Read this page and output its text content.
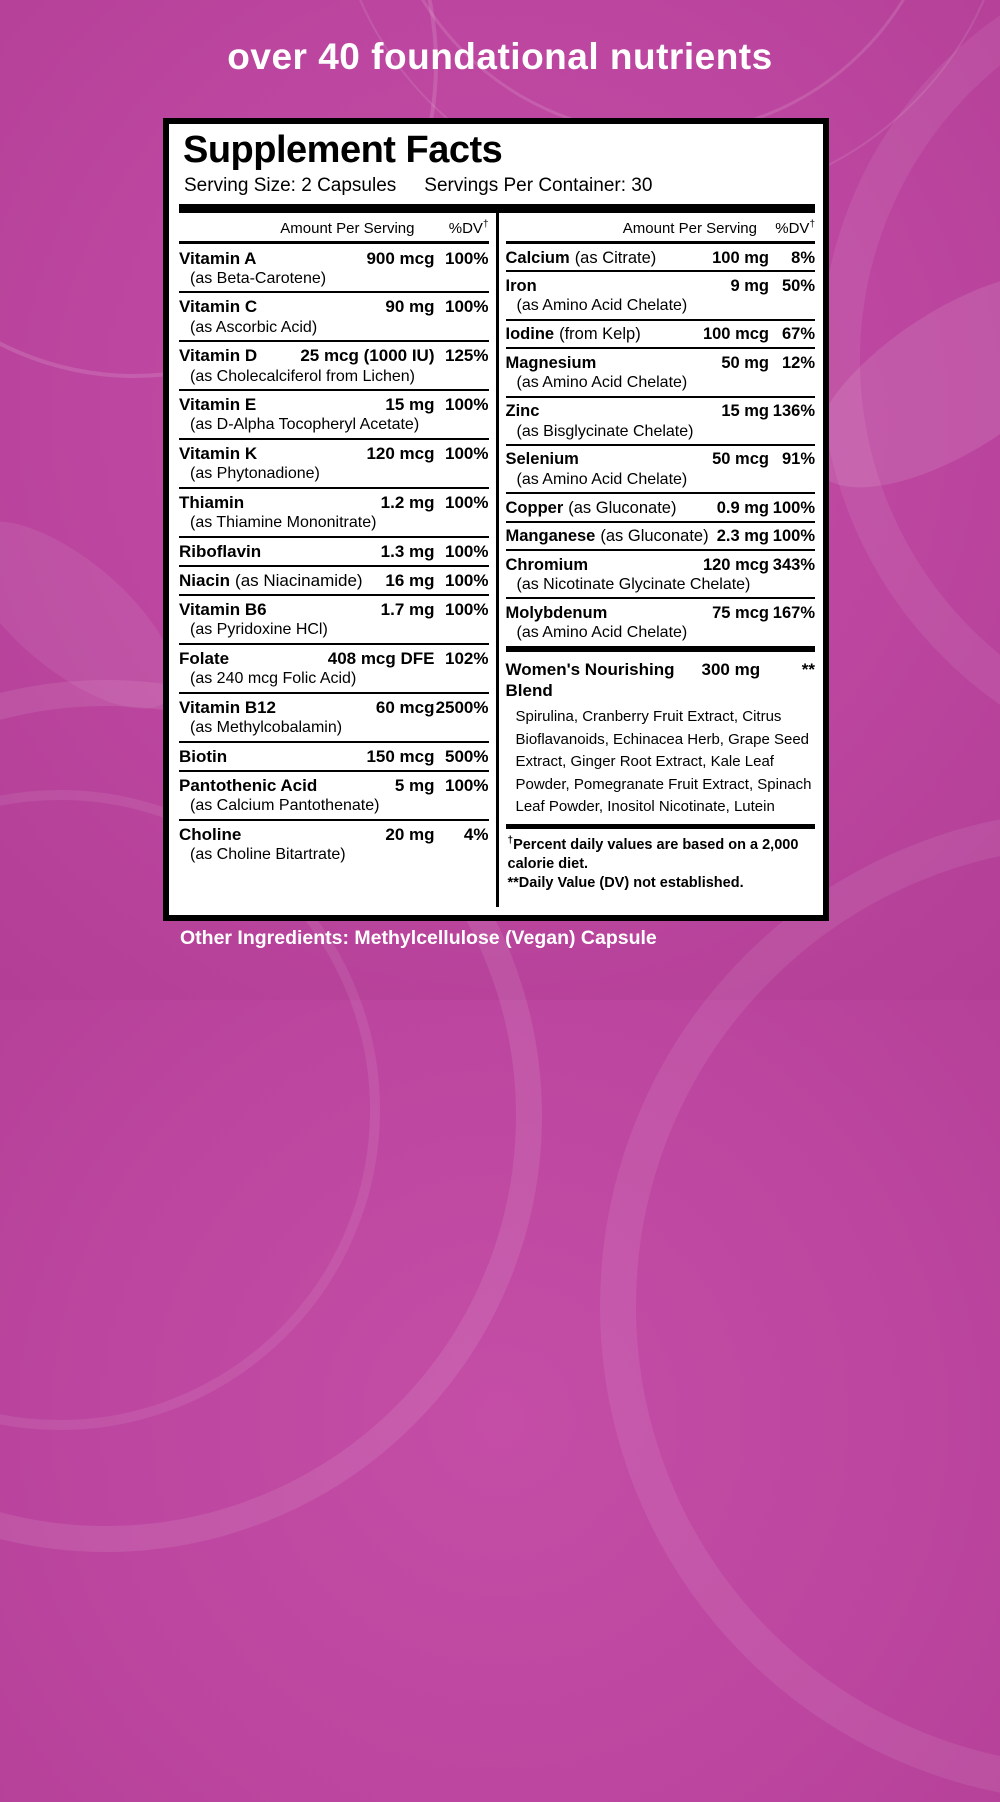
over 40 foundational nutrients
Supplement Facts
Serving Size: 2 Capsules Servings Per Container: 30
Amount Per Serving	%DV†
Vitamin A	900 mcg 100%
(as Beta-Carotene)
Vitamin C	90 mg 100%
(as Ascorbic Acid)
Vitamin D	25 mcg (1000 IU) 125%
(as Cholecalciferol from Lichen)
Vitamin E	15 mg 100%
(as D-Alpha Tocopheryl Acetate)
Vitamin K	120 mcg 100%
(as Phytonadione)
Thiamin	1.2 mg 100%
(as Thiamine Mononitrate)
Riboflavin	1.3 mg 100%
Niacin (as Niacinamide) 16 mg 100%
Vitamin B6	1.7 mg 100%
(as Pyridoxine HCl)
Folate	408 mcg DFE 102%
(as 240 mcg Folic Acid)
Vitamin B12	60 mcg 2500%
(as Methylcobalamin)
Biotin	150 mcg 500%
Pantothenic Acid	5 mg 100%
(as Calcium Pantothenate)
Choline	20 mg	4%
(as Choline Bitartrate)
Amount Per Serving	%DV†
Calcium (as Citrate)	100 mg	8%
Iron	9 mg 50%
(as Amino Acid Chelate)
Iodine (from Kelp)	100 mcg 67%
Magnesium	50 mg 12%
(as Amino Acid Chelate)
Zinc	15 mg 136%
(as Bisglycinate Chelate)
Selenium	50 mcg 91%
(as Amino Acid Chelate)
Copper (as Gluconate) 0.9 mg 100%
Manganese (as Gluconate) 2.3 mg 100%
Chromium	120 mcg 343%
(as Nicotinate Glycinate Chelate)
Molybdenum	75 mcg 167%
(as Amino Acid Chelate)
Women's Nourishing Blend
300 mg **
Spirulina, Cranberry Fruit Extract, Citrus Bioflavanoids, Echinacea Herb, Grape Seed Extract, Ginger Root Extract, Kale Leaf Powder, Pomegranate Fruit Extract, Spinach Leaf Powder, Inositol Nicotinate, Lutein
†Percent daily values are based on a 2,000 calorie diet.
**Daily Value (DV) not established.
Other Ingredients: Methylcellulose (Vegan) Capsule
